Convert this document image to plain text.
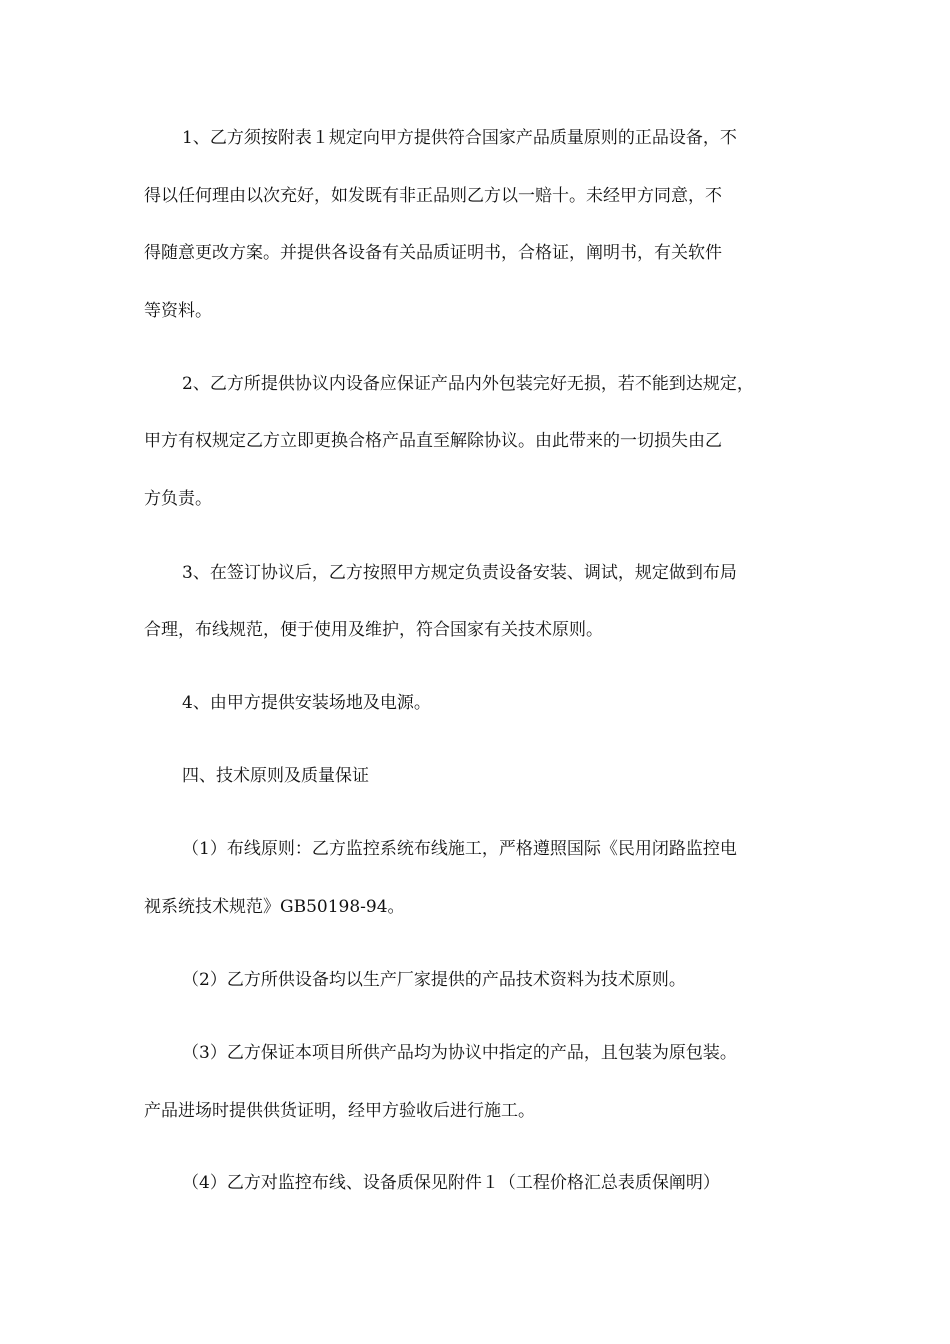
1、乙方须按附表１规定向甲方提供符合国家产品质量原则的正品设备，不
得以任何理由以次充好，如发既有非正品则乙方以一赔十。未经甲方同意，不
得随意更改方案。并提供各设备有关品质证明书，合格证，阐明书，有关软件
等资料。
2、乙方所提供协议内设备应保证产品内外包装完好无损，若不能到达规定，
甲方有权规定乙方立即更换合格产品直至解除协议。由此带来的一切损失由乙
方负责。
3、在签订协议后，乙方按照甲方规定负责设备安装、调试，规定做到布局
合理，布线规范，便于使用及维护，符合国家有关技术原则。
4、由甲方提供安装场地及电源。
四、技术原则及质量保证
（1）布线原则：乙方监控系统布线施工，严格遵照国际《民用闭路监控电
视系统技术规范》GB50198-94。
（2）乙方所供设备均以生产厂家提供的产品技术资料为技术原则。
（3）乙方保证本项目所供产品均为协议中指定的产品，且包装为原包装。
产品进场时提供供货证明，经甲方验收后进行施工。
（4）乙方对监控布线、设备质保见附件１（工程价格汇总表质保阐明）
